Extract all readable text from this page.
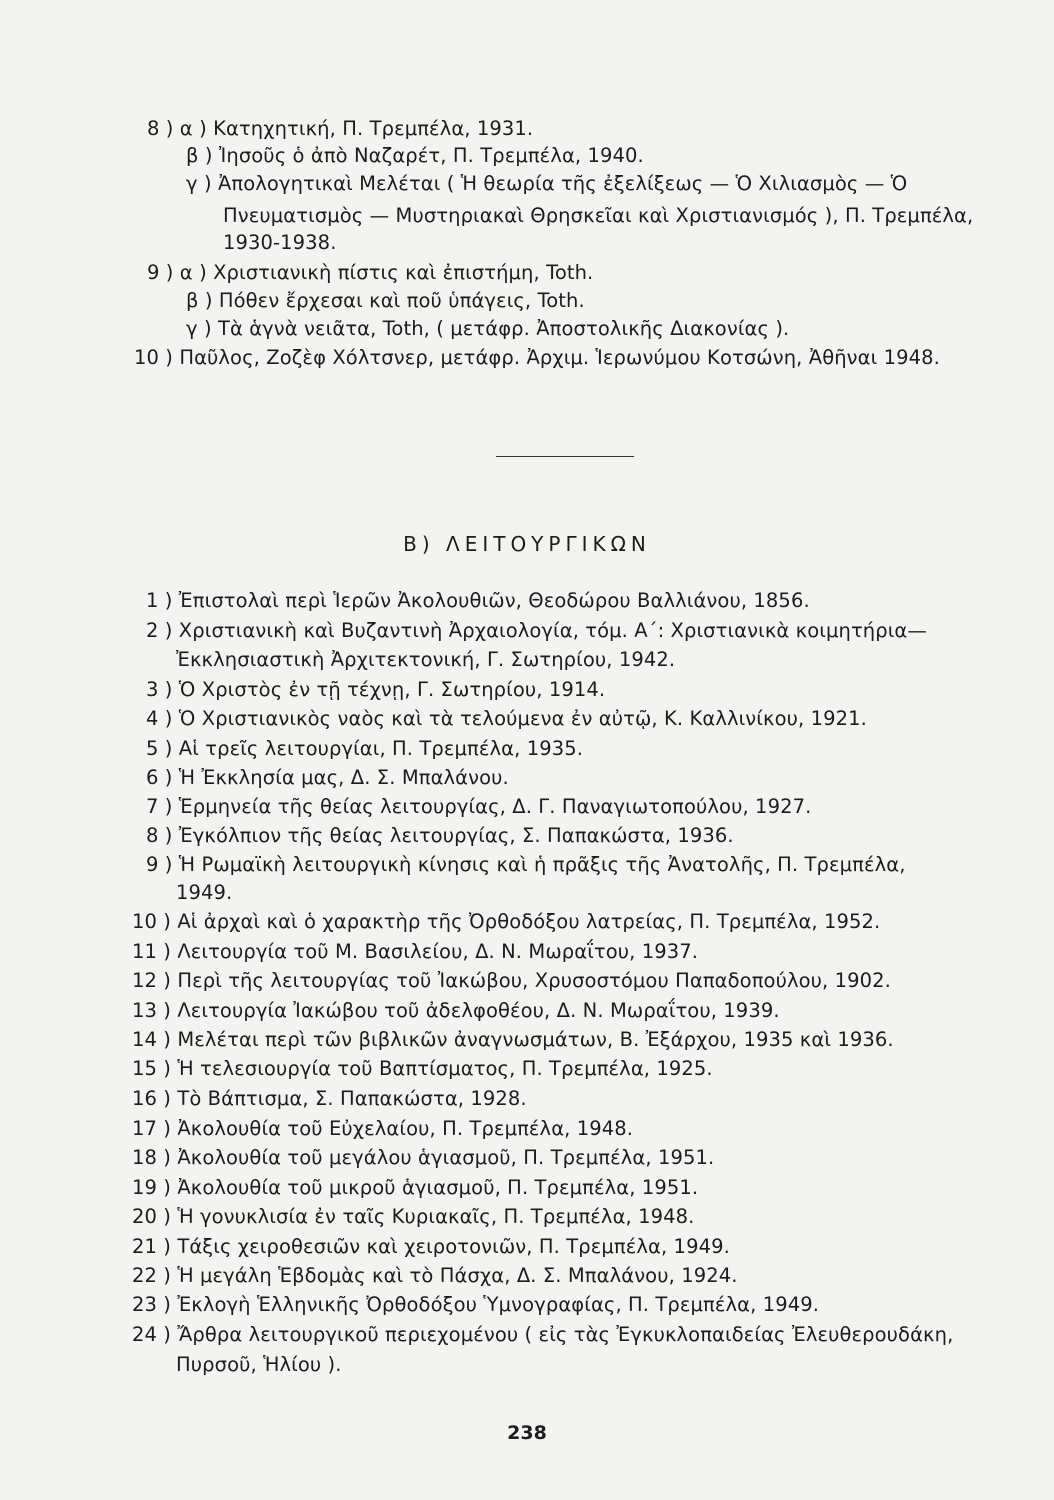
8 ) α ) Κατηχητική, Π. Τρεμπέλα, 1931.
β ) Ἰησοῦς ὁ ἀπὸ Ναζαρέτ, Π. Τρεμπέλα, 1940.
γ ) Ἀπολογητικαὶ Μελέται ( Ἡ θεωρία τῆς ἐξελίξεως — Ὁ Χιλιασμὸς — Ὁ
Πνευματισμὸς — Μυστηριακαὶ Θρησκεῖαι καὶ Χριστιανισμός ), Π. Τρεμπέλα,
1930-1938.
9 ) α ) Χριστιανικὴ πίστις καὶ ἐπιστήμη, Toth.
β ) Πόθεν ἔρχεσαι καὶ ποῦ ὑπάγεις, Toth.
γ ) Τὰ ἁγνὰ νειᾶτα, Toth, ( μετάφρ. Ἀποστολικῆς Διακονίας ).
10 ) Παῦλος, Ζοζὲφ Χόλτσνερ, μετάφρ. Ἀρχιμ. Ἱερωνύμου Κοτσώνη, Ἀθῆναι 1948.
Β) ΛΕΙΤΟΥΡΓΙΚΩΝ
1 ) Ἐπιστολαὶ περὶ Ἱερῶν Ἀκολουθιῶν, Θεοδώρου Βαλλιάνου, 1856.
2 ) Χριστιανικὴ καὶ Βυζαντινὴ Ἀρχαιολογία, τόμ. Α΄: Χριστιανικὰ κοιμητήρια—
Ἐκκλησιαστικὴ Ἀρχιτεκτονική, Γ. Σωτηρίου, 1942.
3 ) Ὁ Χριστὸς ἐν τῇ τέχνῃ, Γ. Σωτηρίου, 1914.
4 ) Ὁ Χριστιανικὸς ναὸς καὶ τὰ τελούμενα ἐν αὐτῷ, Κ. Καλλινίκου, 1921.
5 ) Αἱ τρεῖς λειτουργίαι, Π. Τρεμπέλα, 1935.
6 ) Ἡ Ἐκκλησία μας, Δ. Σ. Μπαλάνου.
7 ) Ἑρμηνεία τῆς θείας λειτουργίας, Δ. Γ. Παναγιωτοπούλου, 1927.
8 ) Ἐγκόλπιον τῆς θείας λειτουργίας, Σ. Παπακώστα, 1936.
9 ) Ἡ Ρωμαϊκὴ λειτουργικὴ κίνησις καὶ ἡ πρᾶξις τῆς Ἀνατολῆς, Π. Τρεμπέλα,
1949.
10 ) Αἱ ἀρχαὶ καὶ ὁ χαρακτὴρ τῆς Ὀρθοδόξου λατρείας, Π. Τρεμπέλα, 1952.
11 ) Λειτουργία τοῦ Μ. Βασιλείου, Δ. Ν. Μωραΐτου, 1937.
12 ) Περὶ τῆς λειτουργίας τοῦ Ἰακώβου, Χρυσοστόμου Παπαδοπούλου, 1902.
13 ) Λειτουργία Ἰακώβου τοῦ ἀδελφοθέου, Δ. Ν. Μωραΐτου, 1939.
14 ) Μελέται περὶ τῶν βιβλικῶν ἀναγνωσμάτων, Β. Ἐξάρχου, 1935 καὶ 1936.
15 ) Ἡ τελεσιουργία τοῦ Βαπτίσματος, Π. Τρεμπέλα, 1925.
16 ) Τὸ Βάπτισμα, Σ. Παπακώστα, 1928.
17 ) Ἀκολουθία τοῦ Εὐχελαίου, Π. Τρεμπέλα, 1948.
18 ) Ἀκολουθία τοῦ μεγάλου ἁγιασμοῦ, Π. Τρεμπέλα, 1951.
19 ) Ἀκολουθία τοῦ μικροῦ ἁγιασμοῦ, Π. Τρεμπέλα, 1951.
20 ) Ἡ γονυκλισία ἐν ταῖς Κυριακαῖς, Π. Τρεμπέλα, 1948.
21 ) Τάξις χειροθεσιῶν καὶ χειροτονιῶν, Π. Τρεμπέλα, 1949.
22 ) Ἡ μεγάλη Ἑβδομὰς καὶ τὸ Πάσχα, Δ. Σ. Μπαλάνου, 1924.
23 ) Ἐκλογὴ Ἑλληνικῆς Ὀρθοδόξου Ὑμνογραφίας, Π. Τρεμπέλα, 1949.
24 ) Ἄρθρα λειτουργικοῦ περιεχομένου ( εἰς τὰς Ἐγκυκλοπαιδείας Ἐλευθερουδάκη,
Πυρσοῦ, Ἡλίου ).
238
